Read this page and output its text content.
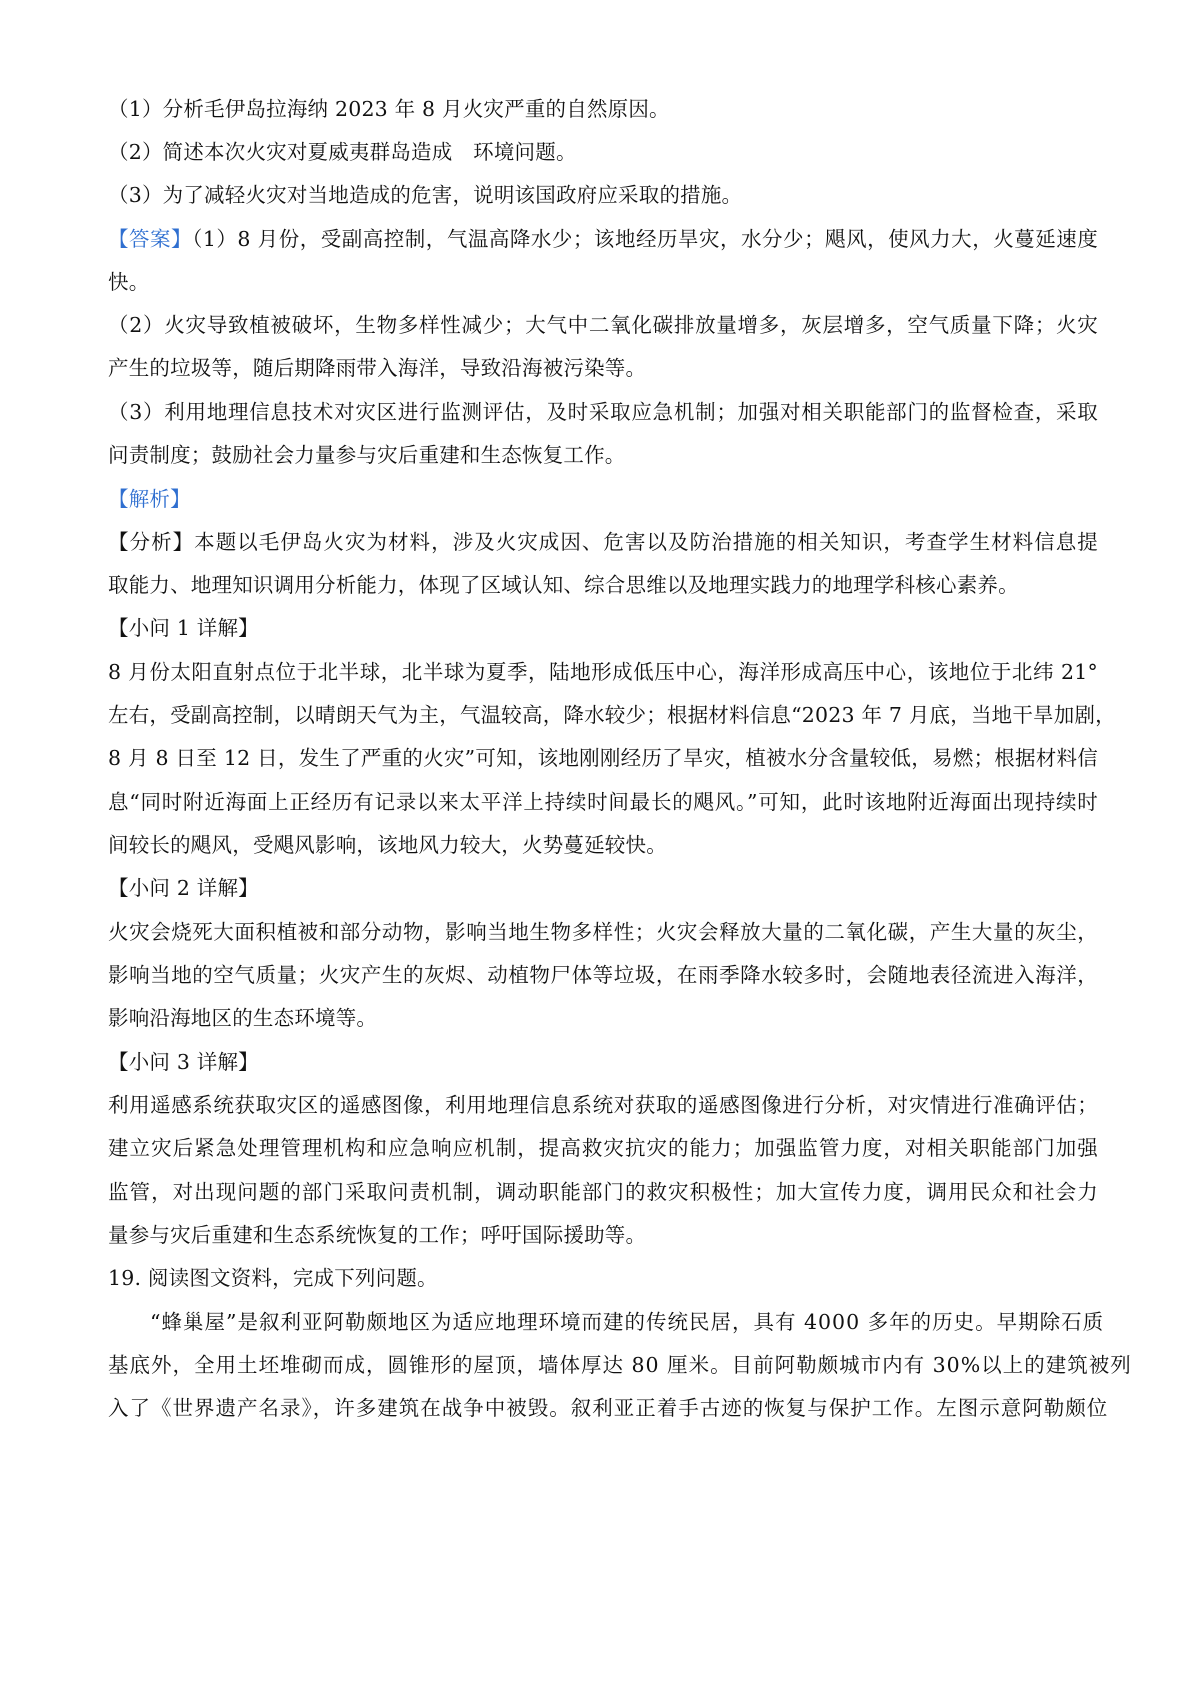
（1）分析毛伊岛拉海纳 2023 年 8 月火灾严重的自然原因。
（2）简述本次火灾对夏威夷群岛造成　环境问题。
（3）为了减轻火灾对当地造成的危害，说明该国政府应采取的措施。
【答案】（1）8 月份，受副高控制，气温高降水少；该地经历旱灾，水分少；飓风，使风力大，火蔓延速度
快。
（2）火灾导致植被破坏，生物多样性减少；大气中二氧化碳排放量增多，灰层增多，空气质量下降；火灾
产生的垃圾等，随后期降雨带入海洋，导致沿海被污染等。
（3）利用地理信息技术对灾区进行监测评估，及时采取应急机制；加强对相关职能部门的监督检查，采取
问责制度；鼓励社会力量参与灾后重建和生态恢复工作。
【解析】
【分析】本题以毛伊岛火灾为材料，涉及火灾成因、危害以及防治措施的相关知识，考查学生材料信息提
取能力、地理知识调用分析能力，体现了区域认知、综合思维以及地理实践力的地理学科核心素养。
【小问 1 详解】
8 月份太阳直射点位于北半球，北半球为夏季，陆地形成低压中心，海洋形成高压中心，该地位于北纬 21°
左右，受副高控制，以晴朗天气为主，气温较高，降水较少；根据材料信息“2023 年 7 月底，当地干旱加剧，
8 月 8 日至 12 日，发生了严重的火灾”可知，该地刚刚经历了旱灾，植被水分含量较低，易燃；根据材料信
息“同时附近海面上正经历有记录以来太平洋上持续时间最长的飓风。”可知，此时该地附近海面出现持续时
间较长的飓风，受飓风影响，该地风力较大，火势蔓延较快。
【小问 2 详解】
火灾会烧死大面积植被和部分动物，影响当地生物多样性；火灾会释放大量的二氧化碳，产生大量的灰尘，
影响当地的空气质量；火灾产生的灰烬、动植物尸体等垃圾，在雨季降水较多时，会随地表径流进入海洋，
影响沿海地区的生态环境等。
【小问 3 详解】
利用遥感系统获取灾区的遥感图像，利用地理信息系统对获取的遥感图像进行分析，对灾情进行准确评估；
建立灾后紧急处理管理机构和应急响应机制，提高救灾抗灾的能力；加强监管力度，对相关职能部门加强
监管，对出现问题的部门采取问责机制，调动职能部门的救灾积极性；加大宣传力度，调用民众和社会力
量参与灾后重建和生态系统恢复的工作；呼吁国际援助等。
19. 阅读图文资料，完成下列问题。
“蜂巢屋”是叙利亚阿勒颇地区为适应地理环境而建的传统民居，具有 4000 多年的历史。早期除石质
基底外，全用土坯堆砌而成，圆锥形的屋顶，墙体厚达 80 厘米。目前阿勒颇城市内有 30%以上的建筑被列
入了《世界遗产名录》，许多建筑在战争中被毁。叙利亚正着手古迹的恢复与保护工作。左图示意阿勒颇位
